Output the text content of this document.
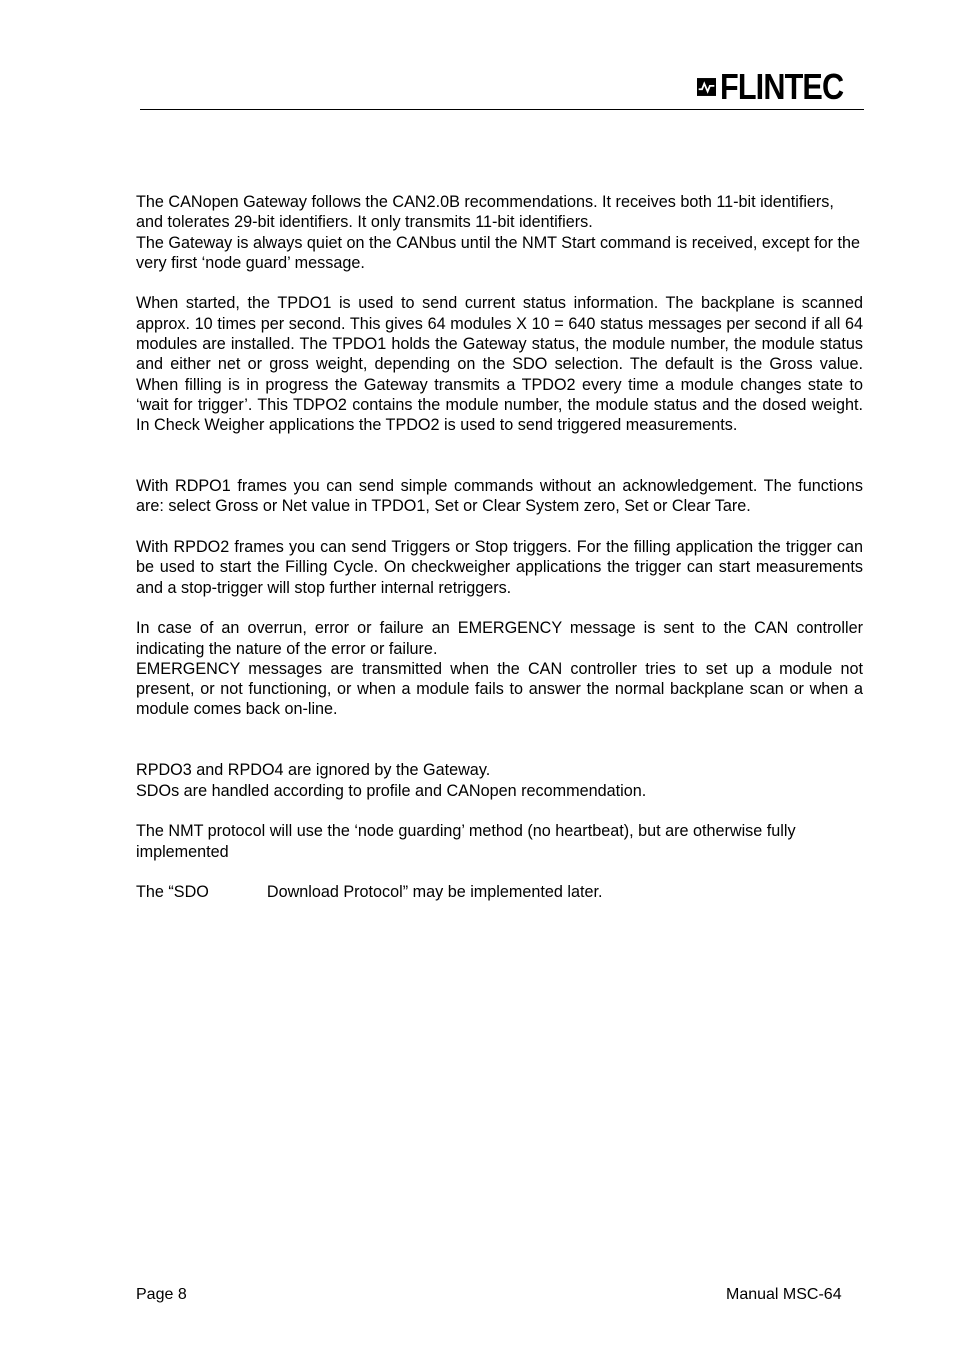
FLINTEC

The CANopen Gateway follows the CAN2.0B recommendations. It receives both 11-bit identifiers, and tolerates 29-bit identifiers. It only transmits 11-bit identifiers.

The Gateway is always quiet on the CANbus until the NMT Start command is received, except for the very first ‘node guard’ message.

When started, the TPDO1 is used to send current status information. The backplane is scanned approx. 10 times per second. This gives 64 modules X 10 = 640 status messages per second if all 64 modules are installed. The TPDO1 holds the Gateway status, the module number, the module status and either net or gross weight, depending on the SDO selection. The default is the Gross value. When filling is in progress the Gateway transmits a TPDO2 every time a module changes state to ‘wait for trigger’. This TDPO2 contains the module number, the module status and the dosed weight. In Check Weigher applications the TPDO2 is used to send triggered measurements.

With RDPO1 frames you can send simple commands without an acknowledgement. The functions are: select Gross or Net value in TPDO1, Set or Clear System zero, Set or Clear Tare.

With RPDO2 frames you can send Triggers or Stop triggers. For the filling application the trigger can be used to start the Filling Cycle. On checkweigher applications the trigger can start measurements and a stop-trigger will stop further internal retriggers.

In case of an overrun, error or failure an EMERGENCY message is sent to the CAN controller indicating the nature of the error or failure.

EMERGENCY messages are transmitted when the CAN controller tries to set up a module not present, or not functioning, or when a module fails to answer the normal backplane scan or when a module comes back on-line.

RPDO3 and RPDO4 are ignored by the Gateway.

SDOs are handled according to profile and CANopen recommendation.

The NMT protocol will use the ‘node guarding’ method (no heartbeat), but are otherwise fully implemented

The “SDO	Download Protocol” may be implemented later.

Page 8	Manual MSC-64
